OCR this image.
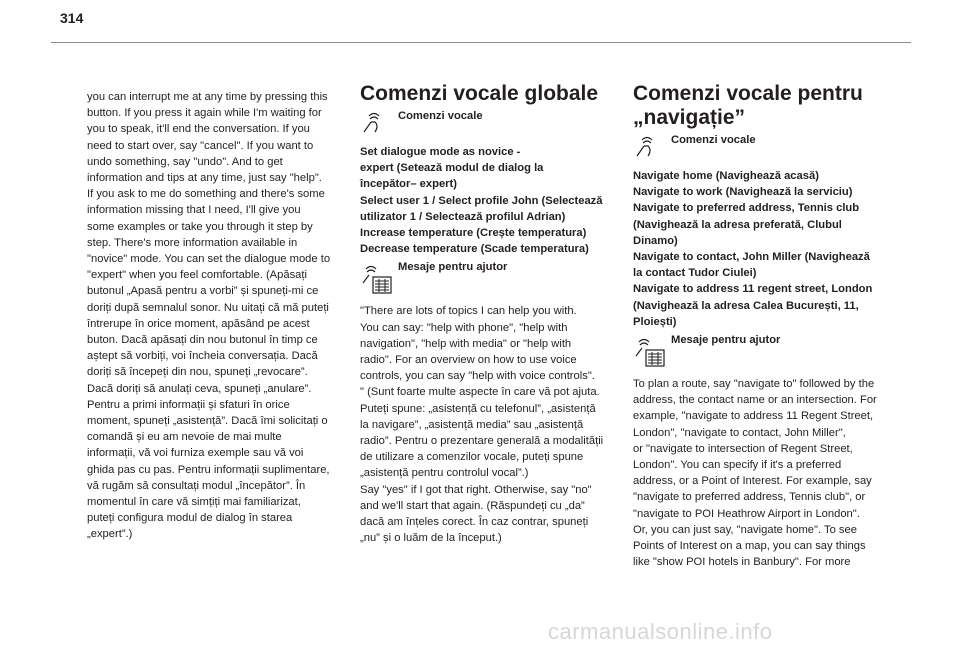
314

you can interrupt me at any time by pressing this
button. If you press it again while I'm waiting for
you to speak, it'll end the conversation. If you
need to start over, say "cancel". If you want to
undo something, say "undo". And to get
information and tips at any time, just say "help".
If you ask to me do something and there's some
information missing that I need, I'll give you
some examples or take you through it step by
step. There's more information available in
"novice" mode. You can set the dialogue mode to
"expert" when you feel comfortable. (Apăsați
butonul „Apasă pentru a vorbi” și spuneți-mi ce
doriți după semnalul sonor. Nu uitați că mă puteți
întrerupe în orice moment, apăsând pe acest
buton. Dacă apăsați din nou butonul în timp ce
aștept să vorbiți, voi încheia conversația. Dacă
doriți să începeți din nou, spuneți „revocare”.
Dacă doriți să anulați ceva, spuneți „anulare”.
Pentru a primi informații și sfaturi în orice
moment, spuneți „asistență”. Dacă îmi solicitați o
comandă și eu am nevoie de mai multe
informații, vă voi furniza exemple sau vă voi
ghida pas cu pas. Pentru informații suplimentare,
vă rugăm să consultați modul „începător”. În
momentul în care vă simțiți mai familiarizat,
puteți configura modul de dialog în starea
„expert”.)

Comenzi vocale globale
Comenzi vocale

Set dialogue mode as novice -
expert (Setează modul de dialog la
începător– expert)
Select user 1 / Select profile John (Selectează
utilizator 1 / Selectează profilul Adrian)
Increase temperature (Crește temperatura)
Decrease temperature (Scade temperatura)

Mesaje pentru ajutor

"There are lots of topics I can help you with.
You can say: "help with phone", "help with
navigation", "help with media" or "help with
radio". For an overview on how to use voice
controls, you can say "help with voice controls".
" (Sunt foarte multe aspecte în care vă pot ajuta.
Puteți spune: „asistență cu telefonul”, „asistență
la navigare”, „asistență media” sau „asistență
radio”. Pentru o prezentare generală a modalității
de utilizare a comenzilor vocale, puteți spune
„asistență pentru controlul vocal”.)
Say "yes" if I got that right. Otherwise, say "no"
and we'll start that again. (Răspundeți cu „da”
dacă am înțeles corect. În caz contrar, spuneți
„nu” și o luăm de la început.)

Comenzi vocale pentru
„navigație”
Comenzi vocale

Navigate home (Navighează acasă)
Navigate to work (Navighează la serviciu)
Navigate to preferred address, Tennis club
(Navighează la adresa preferată, Clubul
Dinamo)
Navigate to contact, John Miller (Navighează
la contact Tudor Ciulei)
Navigate to address 11 regent street, London
(Navighează la adresa Calea București, 11,
Ploiești)

Mesaje pentru ajutor

To plan a route, say "navigate to" followed by the
address, the contact name or an intersection. For
example, "navigate to address 11 Regent Street,
London", "navigate to contact, John Miller",
or "navigate to intersection of Regent Street,
London". You can specify if it's a preferred
address, or a Point of Interest. For example, say
"navigate to preferred address, Tennis club", or
"navigate to POI Heathrow Airport in London".
Or, you can just say, "navigate home". To see
Points of Interest on a map, you can say things
like "show POI hotels in Banbury". For more

carmanualsonline.info
